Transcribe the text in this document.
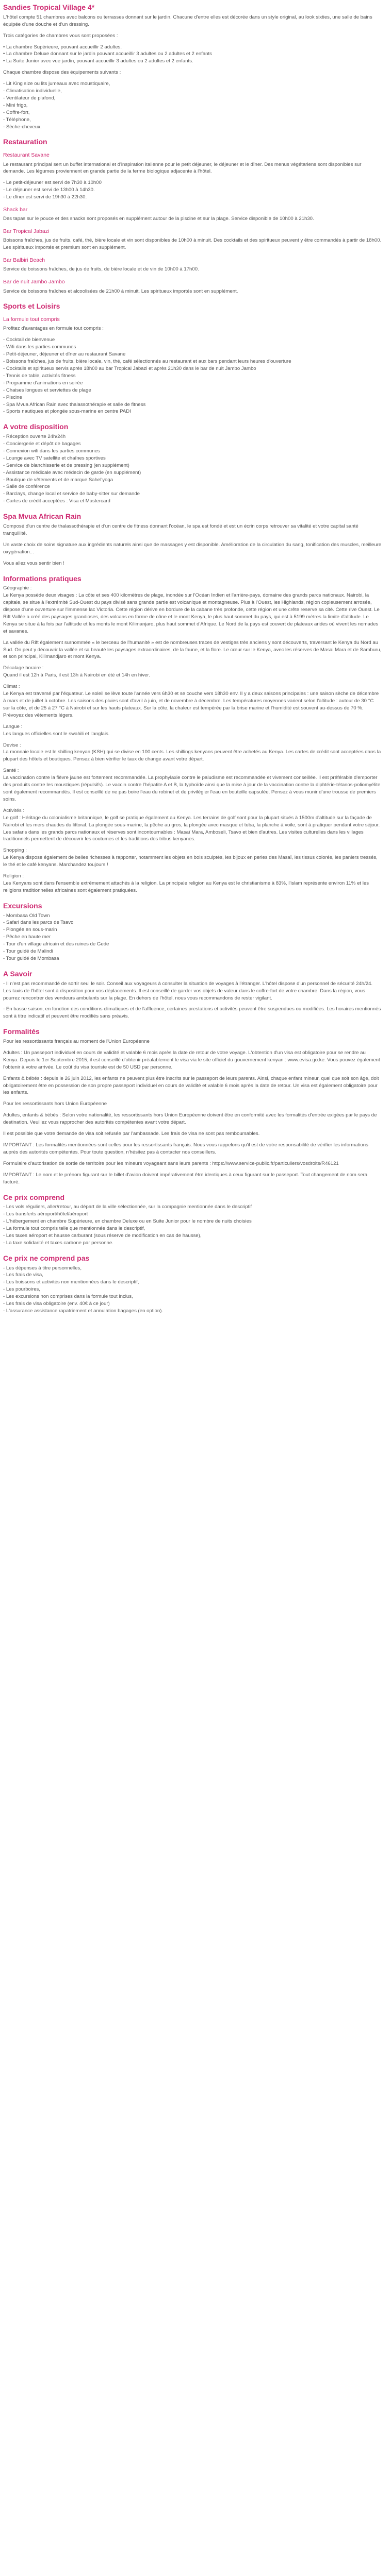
Sandies Tropical Village 4*

L'hôtel compte 51 chambres avec balcons ou terrasses donnant sur le jardin. Chacune d'entre elles est décorée dans un style original, au look sixties, une salle de bains équipée d'une douche et d'un dressing.

Trois catégories de chambres vous sont proposées :

• La chambre Supérieure, pouvant accueillir 2 adultes.
• La chambre Deluxe donnant sur le jardin pouvant accueillir 3 adultes ou 2 adultes et 2 enfants
• La Suite Junior avec vue jardin, pouvant accueillir 3 adultes ou 2 adultes et 2 enfants.

Chaque chambre dispose des équipements suivants :

- Lit King size ou lits jumeaux avec moustiquaire,
- Climatisation individuelle,
- Ventilateur de plafond,
- Mini frigo,
- Coffre-fort,
- Téléphone,
- Sèche-cheveux.
Restauration
Restaurant Savane

Le restaurant principal sert un buffet international et d'inspiration italienne pour le petit déjeuner, le déjeuner et le dîner. Des menus végétariens sont disponibles sur demande. Les légumes proviennent en grande partie de la ferme biologique adjacente à l'hôtel.

- Le petit-déjeuner est servi de 7h30 à 10h00
- Le déjeuner est servi de 13h00 à 14h30.
- Le dîner est servi de 19h30 à 22h30.
Shack bar

Des tapas sur le pouce et des snacks sont proposés en supplément autour de la piscine et sur la plage. Service disponible de 10h00 à 21h30.

Bar Tropical Jabazi

Boissons fraîches, jus de fruits, café, thé, bière locale et vin sont disponibles de 10h00 à minuit. Des cocktails et des spiritueux peuvent y être commandés à partir de 18h00. Les spiritueux importés et premium sont en supplément.

Bar Balbiri Beach

Service de boissons fraîches, de jus de fruits, de bière locale et de vin de 10h00 à 17h00.

Bar de nuit Jambo Jambo

Service de boissons fraîches et alcoolisées de 21h00 à minuit. Les spiritueux importés sont en supplément.

Sports et Loisirs
La formule tout compris

Profitez d'avantages en formule tout compris :

- Cocktail de bienvenue
- Wifi dans les parties communes
- Petit-déjeuner, déjeuner et dîner au restaurant Savane
- Boissons fraîches, jus de fruits, bière locale, vin, thé, café sélectionnés au restaurant et aux bars pendant leurs heures d'ouverture
- Cocktails et spiritueux servis après 18h00 au bar Tropical Jabazi et après 21h30 dans le bar de nuit Jambo Jambo
- Tennis de table, activités fitness
- Programme d'animations en soirée
- Chaises longues et serviettes de plage
- Piscine
- Spa Mvua African Rain avec thalassothérapie et salle de fitness
- Sports nautiques et plongée sous-marine en centre PADI
A votre disposition
- Réception ouverte 24h/24h
- Conciergerie et dépôt de bagages
- Connexion wifi dans les parties communes
- Lounge avec TV satellite et chaînes sportives
- Service de blanchisserie et de pressing (en supplément)
- Assistance médicale avec médecin de garde (en supplément)
- Boutique de vêtements et de marque Sahel'yoga
- Salle de conférence
- Barclays, change local et service de baby-sitter sur demande
- Cartes de crédit acceptées : Visa et Mastercard
Spa Mvua African Rain

Composé d'un centre de thalassothérapie et d'un centre de fitness donnant l'océan, le spa est fondé et est un écrin corps retrouver sa vitalité et votre capital santé tranquillité.

Un vaste choix de soins signature aux ingrédients naturels ainsi que de massages y est disponible. Amélioration de la circulation du sang, tonification des muscles, meilleure oxygénation...

Vous allez vous sentir bien !

Informations pratiques
Géographie :

Le Kenya possède deux visages : La côte et ses 400 kilomètres de plage, inondée sur l'Océan Indien et l'arrière-pays, domaine des grands parcs nationaux. Nairobi, la capitale, se situe à l'extrémité Sud-Ouest du pays divisé sans grande partie est volcanique et montagneuse. Plus à l'Ouest, les Highlands, région copieusement arrosée, dispose d'une ouverture sur l'immense lac Victoria. Cette région dérive en bordure de la cabane très profonde, cette région et une crête reserve sa cité. Cette rive Ouest. Le Rift Vallée a créé des paysages grandioses, des volcans en forme de cône et le mont Kenya, le plus haut sommet du pays, qui est à 5199 mètres la limite d'altitude. Le Kenya se situe à la fois par l'altitude et les monts le mont Kilimanjaro, plus haut sommet d'Afrique. Le Nord de la pays est couvert de plateaux arides où vivent les nomades et savanes.

La vallée du Rift également surnommée « le berceau de l'humanité » est de nombreuses traces de vestiges très anciens y sont découverts, traversant le Kenya du Nord au Sud. On peut y découvrir la vallée et sa beauté les paysages extraordinaires, de la faune, et la flore. Le cœur sur le Kenya, avec les réserves de Masai Mara et de Samburu, et son principal, Kilimandjaro et mont Kenya.

Décalage horaire :

Quand il est 12h à Paris, il est 13h à Nairobi en été et 14h en hiver.

Climat :

Le Kenya est traversé par l'équateur. Le soleil se lève toute l'année vers 6h30 et se couche vers 18h30 env. Il y a deux saisons principales : une saison sèche de décembre à mars et de juillet à octobre. Les saisons des pluies sont d'avril à juin, et de novembre à décembre. Les températures moyennes varient selon l'altitude : autour de 30 °C sur la côte, et de 25 à 27 °C à Nairobi et sur les hauts plateaux. Sur la côte, la chaleur est tempérée par la brise marine et l'humidité est souvent au-dessus de 70 %. Prévoyez des vêtements légers.

Langue :

Les langues officielles sont le swahili et l'anglais.

Devise :

La monnaie locale est le shilling kenyan (KSH) qui se divise en 100 cents. Les shillings kenyans peuvent être achetés au Kenya. Les cartes de crédit sont acceptées dans la plupart des hôtels et boutiques. Pensez à bien vérifier le taux de change avant votre départ.

Santé :

La vaccination contre la fièvre jaune est fortement recommandée. La prophylaxie contre le paludisme est recommandée et vivement conseillée. Il est préférable d'emporter des produits contre les moustiques (répulsifs). Le vaccin contre l'hépatite A et B, la typhoïde ainsi que la mise à jour de la vaccination contre la diphtérie-tétanos-poliomyélite sont également recommandés. Il est conseillé de ne pas boire l'eau du robinet et de privilégier l'eau en bouteille capsulée. Pensez à vous munir d'une trousse de premiers soins.

Activités :

Le golf : Héritage du colonialisme britannique, le golf se pratique également au Kenya. Les terrains de golf sont pour la plupart situés à 1500m d'altitude sur la façade de Nairobi et les mers chaudes du littoral. La plongée sous-marine, la pêche au gros, la plongée avec masque et tuba, la planche à voile, sont à pratiquer pendant votre séjour. Les safaris dans les grands parcs nationaux et réserves sont incontournables : Masaï Mara, Amboseli, Tsavo et bien d'autres. Les visites culturelles dans les villages traditionnels permettent de découvrir les coutumes et les traditions des tribus kenyanes.

Shopping :

Le Kenya dispose également de belles richesses à rapporter, notamment les objets en bois sculptés, les bijoux en perles des Masaï, les tissus colorés, les paniers tressés, le thé et le café kenyans. Marchandez toujours !

Religion :

Les Kenyans sont dans l'ensemble extrêmement attachés à la religion. La principale religion au Kenya est le christianisme à 83%, l'islam représente environ 11% et les religions traditionnelles africaines sont également pratiquées.

Excursions
- Mombasa Old Town
- Safari dans les parcs de Tsavo
- Plongée en sous-marin
- Pêche en haute mer
- Tour d'un village africain et des ruines de Gede
- Tour guidé de Malindi
- Tour guidé de Mombasa
A Savoir

- Il n'est pas recommandé de sortir seul le soir. Conseil aux voyageurs à consulter la situation de voyages à l'étranger. L'hôtel dispose d'un personnel de sécurité 24h/24. Les taxis de l'hôtel sont à disposition pour vos déplacements. Il est conseillé de garder vos objets de valeur dans le coffre-fort de votre chambre. Dans la région, vous pourrez rencontrer des vendeurs ambulants sur la plage. En dehors de l'hôtel, nous vous recommandons de rester vigilant.

- En basse saison, en fonction des conditions climatiques et de l'affluence, certaines prestations et activités peuvent être suspendues ou modifiées. Les horaires mentionnés sont à titre indicatif et peuvent être modifiés sans préavis.

Formalités

Pour les ressortissants français au moment de l'Union Européenne

Adultes : Un passeport individuel en cours de validité et valable 6 mois après la date de retour de votre voyage. L'obtention d'un visa est obligatoire pour se rendre au Kenya. Depuis le 1er Septembre 2015, il est conseillé d'obtenir préalablement le visa via le site officiel du gouvernement kenyan : www.evisa.go.ke. Vous pouvez également l'obtenir à votre arrivée. Le coût du visa touriste est de 50 USD par personne.

Enfants & bébés : depuis le 26 juin 2012, les enfants ne peuvent plus être inscrits sur le passeport de leurs parents. Ainsi, chaque enfant mineur, quel que soit son âge, doit obligatoirement être en possession de son propre passeport individuel en cours de validité et valable 6 mois après la date de retour. Un visa est également obligatoire pour les enfants.

Pour les ressortissants hors Union Européenne

Adultes, enfants & bébés : Selon votre nationalité, les ressortissants hors Union Européenne doivent être en conformité avec les formalités d'entrée exigées par le pays de destination. Veuillez vous rapprocher des autorités compétentes avant votre départ.

Il est possible que votre demande de visa soit refusée par l'ambassade. Les frais de visa ne sont pas remboursables.

IMPORTANT : Les formalités mentionnées sont celles pour les ressortissants français. Nous vous rappelons qu'il est de votre responsabilité de vérifier les informations auprès des autorités compétentes. Pour toute question, n'hésitez pas à contacter nos conseillers.

Formulaire d'autorisation de sortie de territoire pour les mineurs voyageant sans leurs parents : https://www.service-public.fr/particuliers/vosdroits/R46121

IMPORTANT : Le nom et le prénom figurant sur le billet d'avion doivent impérativement être identiques à ceux figurant sur le passeport. Tout changement de nom sera facturé.

Ce prix comprend
- Les vols réguliers, aller/retour, au départ de la ville sélectionnée, sur la compagnie mentionnée dans le descriptif
- Les transferts aéroport/hôtel/aéroport
- L'hébergement en chambre Supérieure, en chambre Deluxe ou en Suite Junior pour le nombre de nuits choisies
- La formule tout compris telle que mentionnée dans le descriptif,
- Les taxes aéroport et hausse carburant (sous réserve de modification en cas de hausse),
- La taxe solidarité et taxes carbone par personne.
Ce prix ne comprend pas
- Les dépenses à titre personnelles,
- Les frais de visa,
- Les boissons et activités non mentionnées dans le descriptif,
- Les pourboires,
- Les excursions non comprises dans la formule tout inclus,
- Les frais de visa obligatoire (env. 40€ à ce jour)
- L'assurance assistance rapatriement et annulation bagages (en option).
